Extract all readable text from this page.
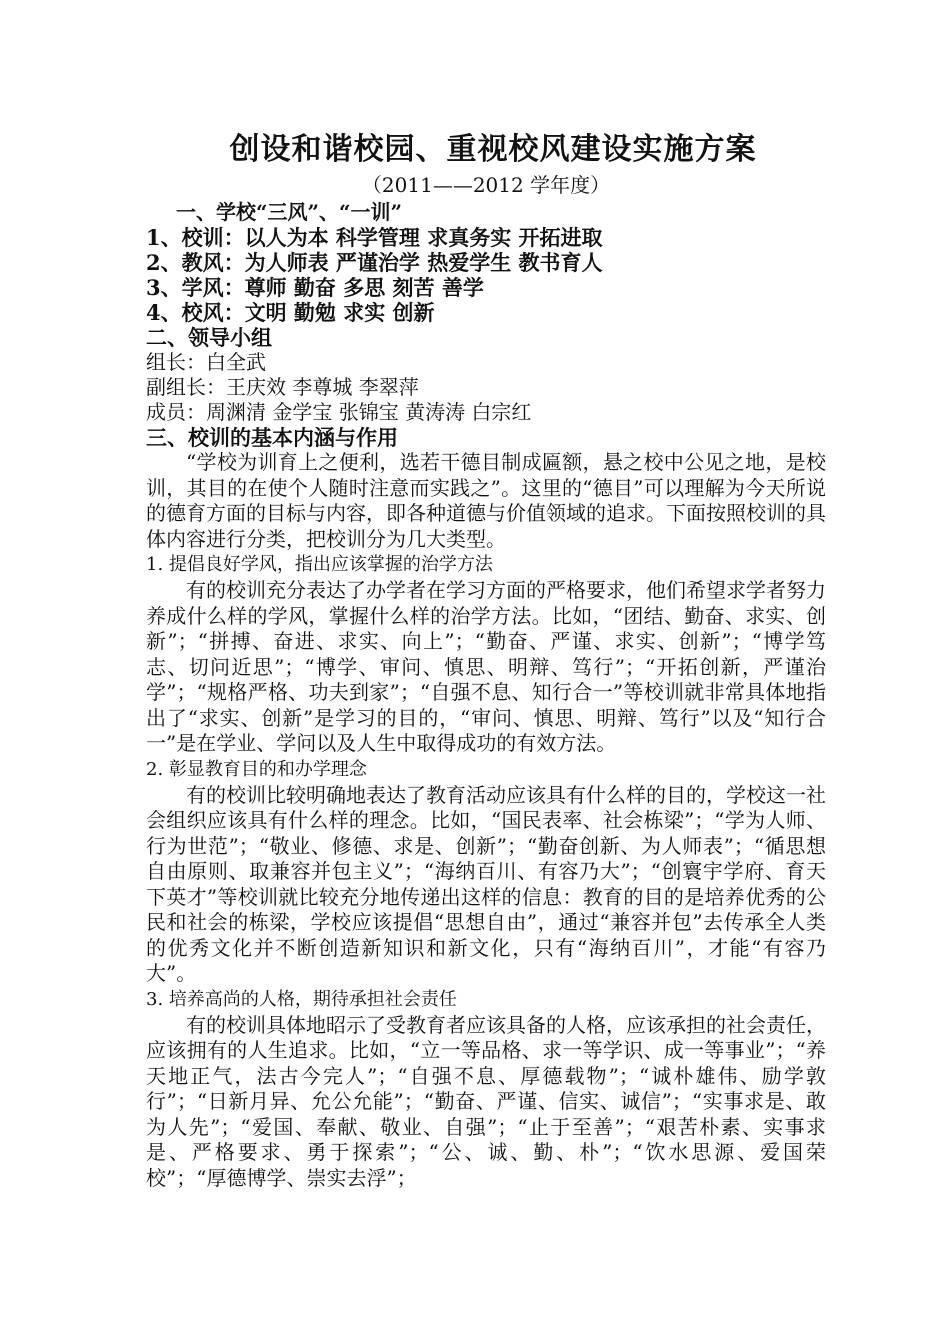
创设和谐校园、重视校风建设实施方案

（2011——2012 学年度）

一、学校“三风”、“一训”

1、校训：以人为本 科学管理 求真务实 开拓进取

2、教风：为人师表 严谨治学 热爱学生 教书育人

3、学风：尊师 勤奋 多思 刻苦 善学

4、校风：文明 勤勉 求实 创新

二、领导小组

组长：白全武

副组长：王庆效 李尊城 李翠萍

成员：周渊清 金学宝 张锦宝 黄涛涛 白宗红

三、校训的基本内涵与作用

“学校为训育上之便利，选若干德目制成匾额，悬之校中公见之地，是校训，其目的在使个人随时注意而实践之”。这里的“德目”可以理解为今天所说的德育方面的目标与内容，即各种道德与价值领域的追求。下面按照校训的具体内容进行分类，把校训分为几大类型。

1. 提倡良好学风，指出应该掌握的治学方法

有的校训充分表达了办学者在学习方面的严格要求，他们希望求学者努力养成什么样的学风，掌握什么样的治学方法。比如，“团结、勤奋、求实、创新”；“拼搏、奋进、求实、向上”；“勤奋、严谨、求实、创新”；“博学笃志、切问近思”；“博学、审问、慎思、明辩、笃行”；“开拓创新，严谨治学”；“规格严格、功夫到家”；“自强不息、知行合一”等校训就非常具体地指出了“求实、创新”是学习的目的，“审问、慎思、明辩、笃行”以及“知行合一”是在学业、学问以及人生中取得成功的有效方法。

2. 彰显教育目的和办学理念

有的校训比较明确地表达了教育活动应该具有什么样的目的，学校这一社会组织应该具有什么样的理念。比如，“国民表率、社会栋梁”；“学为人师、行为世范”；“敬业、修德、求是、创新”；“勤奋创新、为人师表”；“循思想自由原则、取兼容并包主义”；“海纳百川、有容乃大”；“创寰宇学府、育天下英才”等校训就比较充分地传递出这样的信息：教育的目的是培养优秀的公民和社会的栋梁，学校应该提倡“思想自由”，通过“兼容并包”去传承全人类的优秀文化并不断创造新知识和新文化，只有“海纳百川”，才能“有容乃大”。

3. 培养高尚的人格，期待承担社会责任

有的校训具体地昭示了受教育者应该具备的人格，应该承担的社会责任，应该拥有的人生追求。比如，“立一等品格、求一等学识、成一等事业”；“养天地正气，法古今完人”；“自强不息、厚德载物”；“诚朴雄伟、励学敦行”；“日新月异、允公允能”；“勤奋、严谨、信实、诚信”；“实事求是、敢为人先”；“爱国、奉献、敬业、自强”；“止于至善”；“艰苦朴素、实事求是、严格要求、勇于探索”；“公、诚、勤、朴”；“饮水思源、爱国荣校”；“厚德博学、崇实去浮”；
